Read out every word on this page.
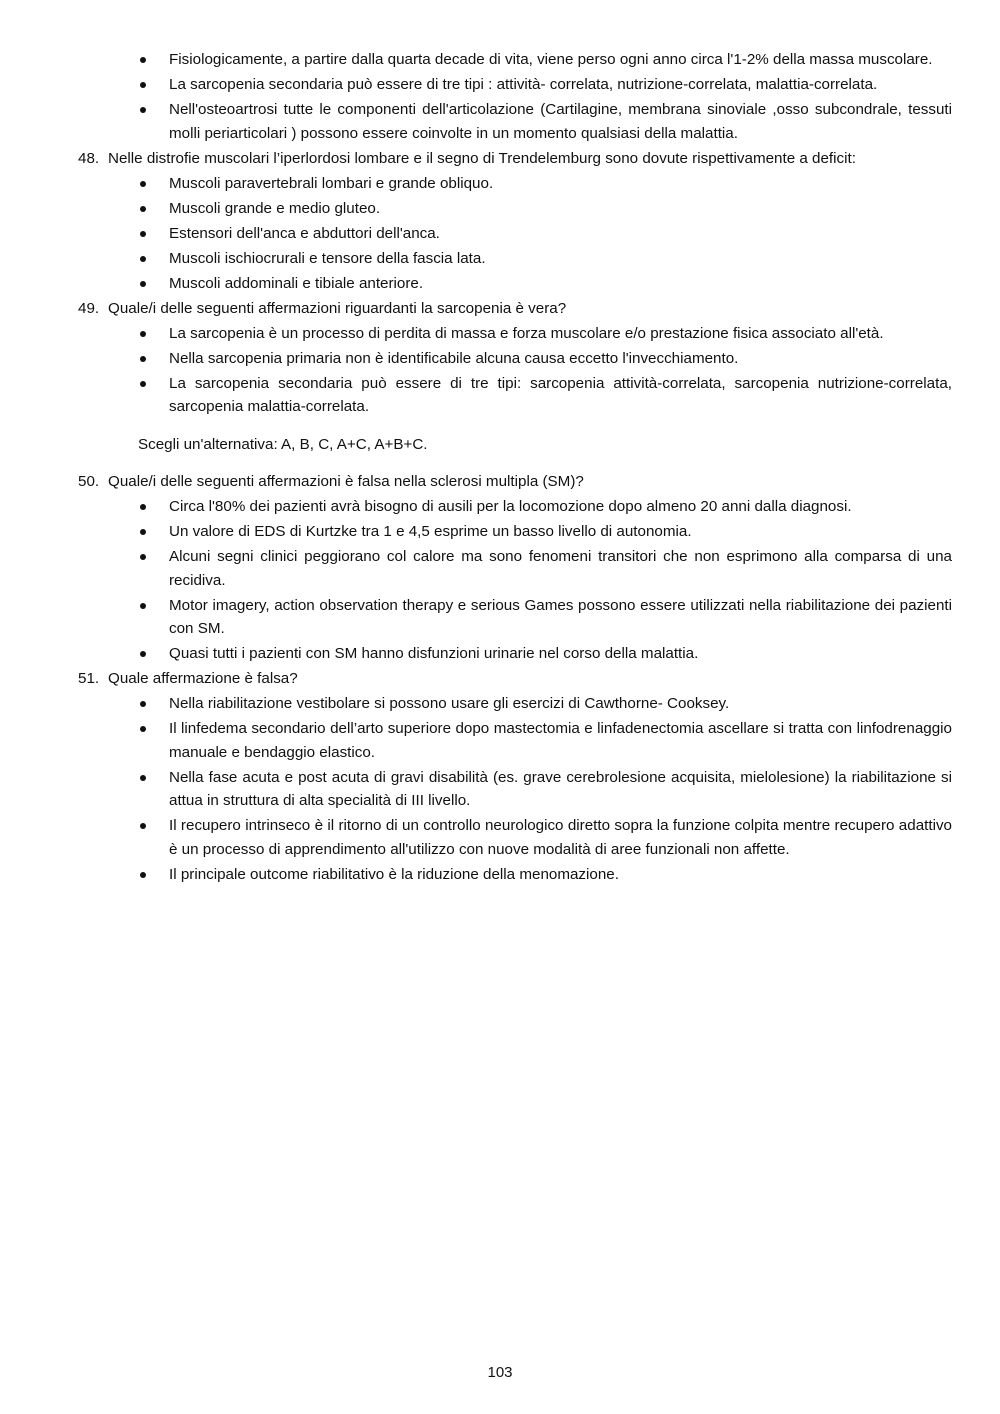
Fisiologicamente, a partire dalla quarta decade di vita, viene perso ogni anno circa l'1-2% della massa muscolare.
La sarcopenia secondaria può essere di tre tipi : attività- correlata, nutrizione-correlata, malattia-correlata.
Nell'osteoartrosi tutte le componenti dell'articolazione (Cartilagine, membrana sinoviale ,osso subcondrale, tessuti molli periarticolari ) possono essere coinvolte in un momento qualsiasi della malattia.
48. Nelle distrofie muscolari l’iperlordosi lombare e il segno di Trendelemburg sono dovute rispettivamente a deficit:
Muscoli paravertebrali lombari e grande obliquo.
Muscoli grande e medio gluteo.
Estensori dell'anca e abduttori dell'anca.
Muscoli ischiocrurali e tensore della fascia lata.
Muscoli addominali e tibiale anteriore.
49. Quale/i delle seguenti affermazioni riguardanti la sarcopenia è vera?
La sarcopenia è un processo di perdita di massa e forza muscolare e/o prestazione fisica associato all'età.
Nella sarcopenia primaria non è identificabile alcuna causa eccetto l'invecchiamento.
La sarcopenia secondaria può essere di tre tipi: sarcopenia attività-correlata, sarcopenia nutrizione-correlata, sarcopenia malattia-correlata.
Scegli un'alternativa: A, B, C, A+C, A+B+C.
50. Quale/i delle seguenti affermazioni è falsa nella sclerosi multipla (SM)?
Circa l'80% dei pazienti avrà bisogno di ausili per la locomozione dopo almeno 20 anni dalla diagnosi.
Un valore di EDS di Kurtzke tra 1 e 4,5 esprime un basso livello di autonomia.
Alcuni segni clinici peggiorano col calore ma sono fenomeni transitori che non esprimono alla comparsa di una recidiva.
Motor imagery, action observation therapy e serious Games possono essere utilizzati nella riabilitazione dei pazienti con SM.
Quasi tutti i pazienti con SM hanno disfunzioni urinarie nel corso della malattia.
51. Quale affermazione è falsa?
Nella riabilitazione vestibolare si possono usare gli esercizi di Cawthorne- Cooksey.
Il linfedema secondario dell’arto superiore dopo mastectomia e linfadenectomia ascellare si tratta con linfodrenaggio manuale e bendaggio elastico.
Nella fase acuta e post acuta di gravi disabilità (es. grave cerebrolesione acquisita, mielolesione) la riabilitazione si attua in struttura di alta specialità di III livello.
Il recupero intrinseco è il ritorno di un controllo neurologico diretto sopra la funzione colpita mentre recupero adattivo è un processo di apprendimento all'utilizzo con nuove modalità di aree funzionali non affette.
Il principale outcome riabilitativo è la riduzione della menomazione.
103
